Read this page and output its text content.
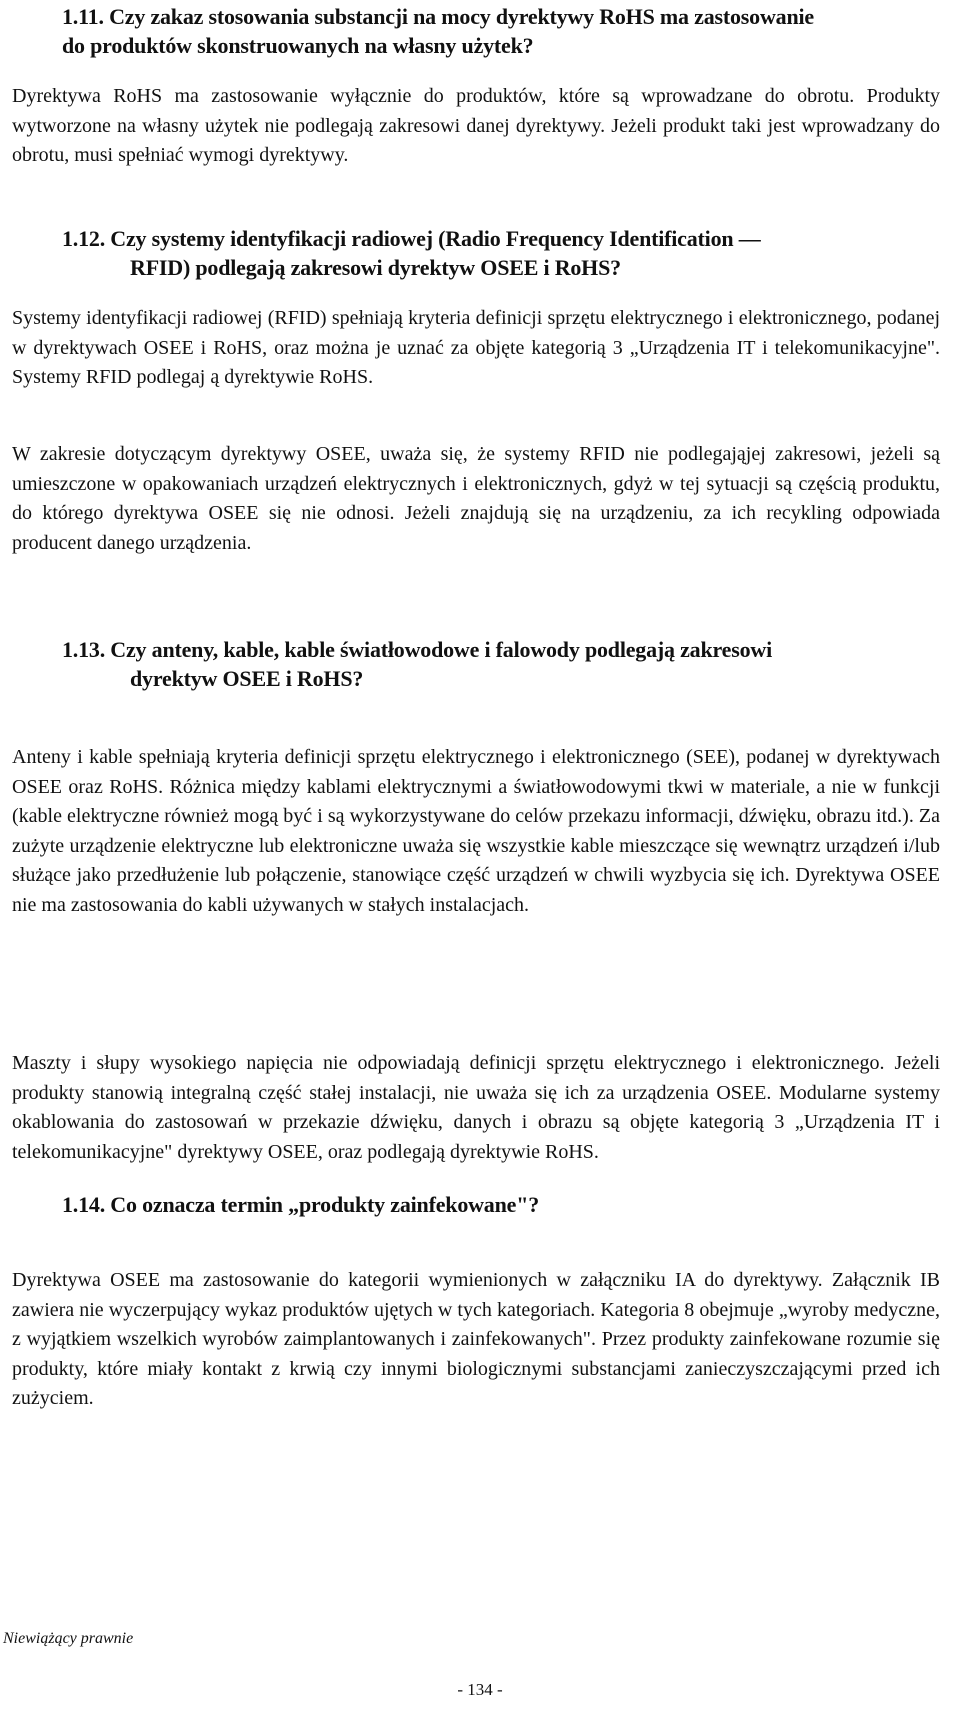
1.11. Czy zakaz stosowania substancji na mocy dyrektywy RoHS ma zastosowanie
do produktów skonstruowanych na własny użytek?
Dyrektywa RoHS ma zastosowanie wyłącznie do produktów, które są wprowadzane do obrotu. Produkty wytworzone na własny użytek nie podlegają zakresowi danej dyrektywy. Jeżeli produkt taki jest wprowadzany do obrotu, musi spełniać wymogi dyrektywy.
1.12. Czy systemy identyfikacji radiowej (Radio Frequency Identification —
RFID) podlegają zakresowi dyrektyw OSEE i RoHS?
Systemy identyfikacji radiowej (RFID) spełniają kryteria definicji sprzętu elektrycznego i elektronicznego, podanej w dyrektywach OSEE i RoHS, oraz można je uznać za objęte kategorią 3 „Urządzenia IT i telekomunikacyjne". Systemy RFID podlegaj ą dyrektywie RoHS.
W zakresie dotyczącym dyrektywy OSEE, uważa się, że systemy RFID nie podlegająjej zakresowi, jeżeli są umieszczone w opakowaniach urządzeń elektrycznych i elektronicznych, gdyż w tej sytuacji są częścią produktu, do którego dyrektywa OSEE się nie odnosi. Jeżeli znajdują się na urządzeniu, za ich recykling odpowiada producent danego urządzenia.
1.13. Czy anteny, kable, kable światłowodowe i falowody podlegają zakresowi
dyrektyw OSEE i RoHS?
Anteny i kable spełniają kryteria definicji sprzętu elektrycznego i elektronicznego (SEE), podanej w dyrektywach OSEE oraz RoHS. Różnica między kablami elektrycznymi a światłowodowymi tkwi w materiale, a nie w funkcji (kable elektryczne również mogą być i są wykorzystywane do celów przekazu informacji, dźwięku, obrazu itd.). Za zużyte urządzenie elektryczne lub elektroniczne uważa się wszystkie kable mieszczące się wewnątrz urządzeń i/lub służące jako przedłużenie lub połączenie, stanowiące część urządzeń w chwili wyzbycia się ich. Dyrektywa OSEE nie ma zastosowania do kabli używanych w stałych instalacjach.
Maszty i słupy wysokiego napięcia nie odpowiadają definicji sprzętu elektrycznego i elektronicznego. Jeżeli produkty stanowią integralną część stałej instalacji, nie uważa się ich za urządzenia OSEE. Modularne systemy okablowania do zastosowań w przekazie dźwięku, danych i obrazu są objęte kategorią 3 „Urządzenia IT i telekomunikacyjne" dyrektywy OSEE, oraz podlegają dyrektywie RoHS.
1.14. Co oznacza termin „produkty zainfekowane"?
Dyrektywa OSEE ma zastosowanie do kategorii wymienionych w załączniku IA do dyrektywy. Załącznik IB zawiera nie wyczerpujący wykaz produktów ujętych w tych kategoriach. Kategoria 8 obejmuje „wyroby medyczne, z wyjątkiem wszelkich wyrobów zaimplantowanych i zainfekowanych". Przez produkty zainfekowane rozumie się produkty, które miały kontakt z krwią czy innymi biologicznymi substancjami zanieczyszczającymi przed ich zużyciem.
Niewiążący prawnie
- 134 -
